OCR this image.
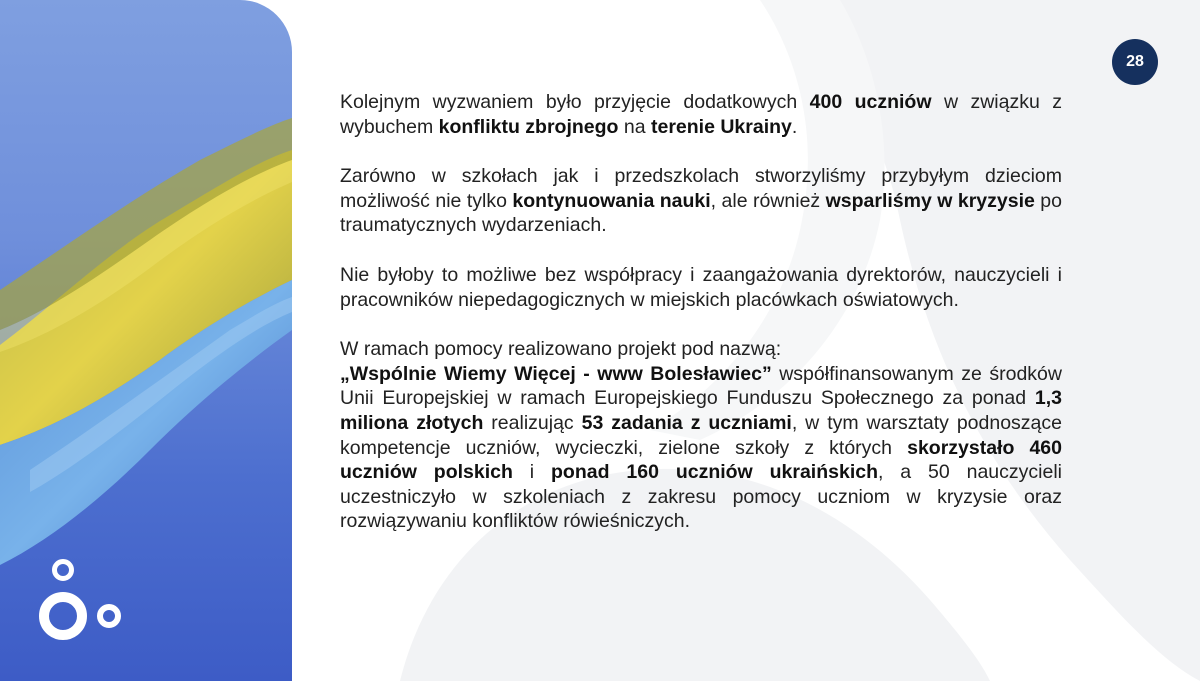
28

Kolejnym wyzwaniem było przyjęcie dodatkowych 400 uczniów w związku z wybuchem konfliktu zbrojnego na terenie Ukrainy.

Zarówno w szkołach jak i przedszkolach stworzyliśmy przybyłym dzieciom możliwość nie tylko kontynuowania nauki, ale również wsparliśmy w kryzysie po traumatycznych wydarzeniach.

Nie byłoby to możliwe bez współpracy i zaangażowania dyrektorów, nauczycieli i pracowników niepedagogicznych w miejskich placówkach oświatowych.

W ramach pomocy realizowano projekt pod nazwą:
„Wspólnie Wiemy Więcej - www Bolesławiec” współfinansowanym ze środków Unii Europejskiej w ramach Europejskiego Funduszu Społecznego za ponad 1,3 miliona złotych realizując 53 zadania z uczniami, w tym warsztaty podnoszące kompetencje uczniów, wycieczki, zielone szkoły z których skorzystało 460 uczniów polskich i ponad 160 uczniów ukraińskich, a 50 nauczycieli uczestniczyło w szkoleniach z zakresu pomocy uczniom w kryzysie oraz rozwiązywaniu konfliktów rówieśniczych.
